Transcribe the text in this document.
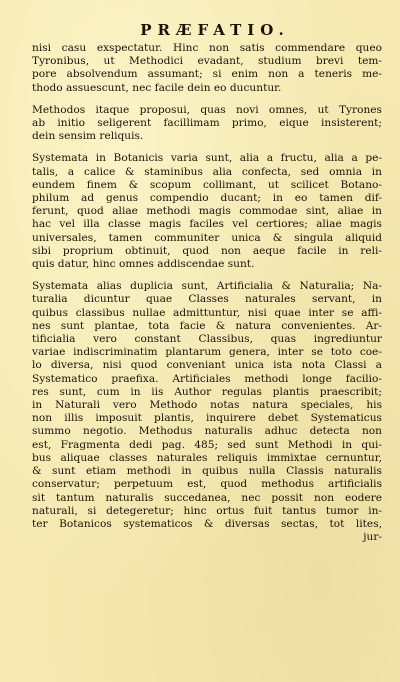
PRÆFATIO.
nisi casu exspectatur. Hinc non satis commendare queo
Tyronibus, ut Methodici evadant, studium brevi tem-
pore absolvendum assumant; si enim non a teneris me-
thodo assuescunt, nec facile dein eo ducuntur.
Methodos itaque proposui, quas novi omnes, ut Tyrones
ab initio seligerent facillimam primo, eique insisterent;
dein sensim reliquis.
Systemata in Botanicis varia sunt, alia a fructu, alia a pe-
talis, a calice & staminibus alia confecta, sed omnia in
eundem finem & scopum collimant, ut scilicet Botano-
philum ad genus compendio ducant; in eo tamen dif-
ferunt, quod aliae methodi magis commodae sint, aliae in
hac vel illa classe magis faciles vel certiores; aliae magis
universales, tamen communiter unica & singula aliquid
sibi proprium obtinuit, quod non aeque facile in reli-
quis datur, hinc omnes addiscendae sunt.
Systemata alias duplicia sunt, Artificialia & Naturalia; Na-
turalia dicuntur quae Classes naturales servant, in
quibus classibus nullae admittuntur, nisi quae inter se affi-
nes sunt plantae, tota facie & natura convenientes. Ar-
tificialia vero constant Classibus, quas ingrediuntur
variae indiscriminatim plantarum genera, inter se toto coe-
lo diversa, nisi quod conveniant unica ista nota Classi a
Systematico praefixa. Artificiales methodi longe facilio-
res sunt, cum in iis Author regulas plantis praescribit;
in Naturali vero Methodo notas natura speciales, his
non illis imposuit plantis, inquirere debet Systematicus
summo negotio. Methodus naturalis adhuc detecta non
est, Fragmenta dedi pag. 485; sed sunt Methodi in qui-
bus aliquae classes naturales reliquis immixtae cernuntur,
& sunt etiam methodi in quibus nulla Classis naturalis
conservatur; perpetuum est, quod methodus artificialis
sit tantum naturalis succedanea, nec possit non eodere
naturali, si detegeretur; hinc ortus fuit tantus tumor in-
ter Botanicos systematicos & diversas sectas, tot lites,
jur-
